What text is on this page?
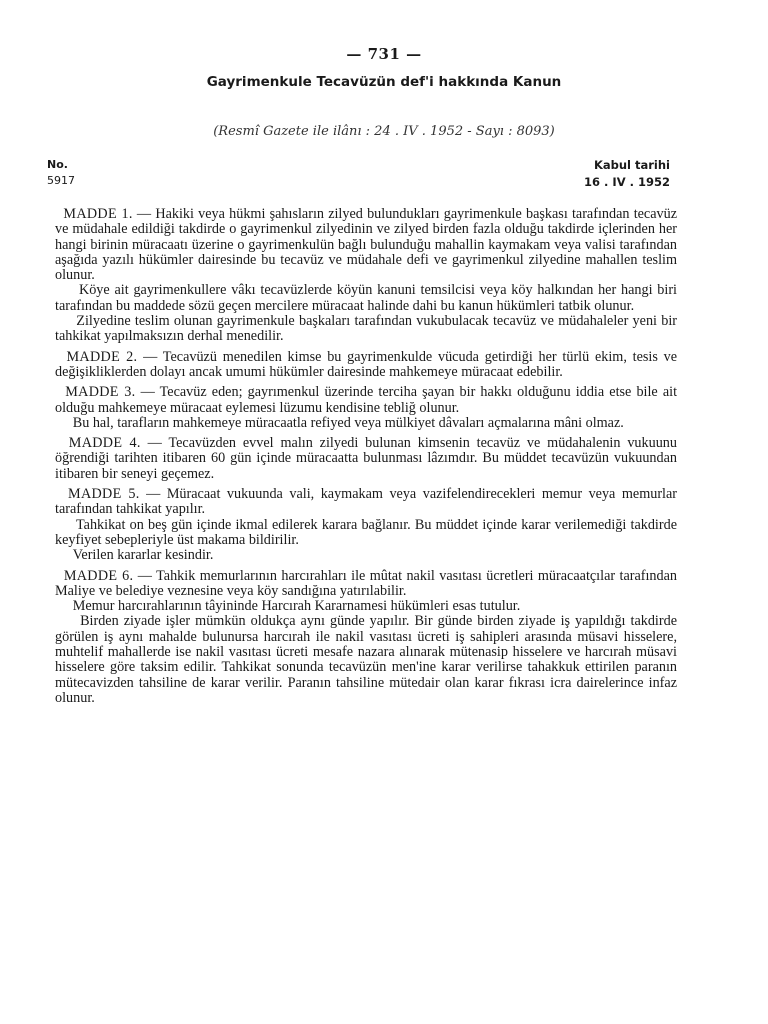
— 731 —
Gayrimenkule Tecavüzün def'i hakkında Kanun
(Resmî Gazete ile ilânı : 24 . IV . 1952 - Sayı : 8093)
No.
5917
Kabul tarihi
16 . IV . 1952

MADDE 1. — Hakiki veya hükmi şahısların zilyed bulundukları gayrimenkule başkası tarafından tecavüz ve müdahale edildiği takdirde o gayrimenkul zilyedinin ve zilyed birden fazla olduğu takdirde içlerinden her hangi birinin müracaatı üzerine o gayrimenkulün bağlı bulunduğu mahallin kaymakam veya valisi tarafından aşağıda yazılı hükümler dairesinde bu tecavüz ve müdahale defi ve gayrimenkul zilyedine mahallen teslim olunur.

Köye ait gayrimenkullere vâkı tecavüzlerde köyün kanuni temsilcisi veya köy halkından her hangi biri tarafından bu maddede sözü geçen mercilere müracaat halinde dahi bu kanun hükümleri tatbik olunur.

Zilyedine teslim olunan gayrimenkule başkaları tarafından vukubulacak tecavüz ve müdahaleler yeni bir tahkikat yapılmaksızın derhal menedilir.

MADDE 2. — Tecavüzü menedilen kimse bu gayrimenkulde vücuda getirdiği her türlü ekim, tesis ve değişikliklerden dolayı ancak umumi hükümler dairesinde mahkemeye müracaat edebilir.

MADDE 3. — Tecavüz eden; gayrımenkul üzerinde terciha şayan bir hakkı olduğunu iddia etse bile ait olduğu mahkemeye müracaat eylemesi lüzumu kendisine tebliğ olunur.

Bu hal, tarafların mahkemeye müracaatla refiyed veya mülkiyet dâvaları açmalarına mâni olmaz.

MADDE 4. — Tecavüzden evvel malın zilyedi bulunan kimsenin tecavüz ve müdahalenin vukuunu öğrendiği tarihten itibaren 60 gün içinde müracaatta bulunması lâzımdır. Bu müddet tecavüzün vukuundan itibaren bir seneyi geçemez.

MADDE 5. — Müracaat vukuunda vali, kaymakam veya vazifelendirecekleri memur veya memurlar tarafından tahkikat yapılır.

Tahkikat on beş gün içinde ikmal edilerek karara bağlanır. Bu müddet içinde karar verilemediği takdirde keyfiyet sebepleriyle üst makama bildirilir.

Verilen kararlar kesindir.

MADDE 6. — Tahkik memurlarının harcırahları ile mûtat nakil vasıtası ücretleri müracaatçılar tarafından Maliye ve belediye veznesine veya köy sandığına yatırılabilir.

Memur harcırahlarının tâyininde Harcırah Kararnamesi hükümleri esas tutulur.

Birden ziyade işler mümkün oldukça aynı günde yapılır. Bir günde birden ziyade iş yapıldığı takdirde görülen iş aynı mahalde bulunursa harcırah ile nakil vasıtası ücreti iş sahipleri arasında müsavi hisselere, muhtelif mahallerde ise nakil vasıtası ücreti mesafe nazara alınarak mütenasip hisselere ve harcırah müsavi hisselere göre taksim edilir. Tahkikat sonunda tecavüzün men'ine karar verilirse tahakkuk ettirilen paranın mütecavizden tahsiline de karar verilir. Paranın tahsiline mütedair olan karar fıkrası icra dairelerince infaz olunur.
